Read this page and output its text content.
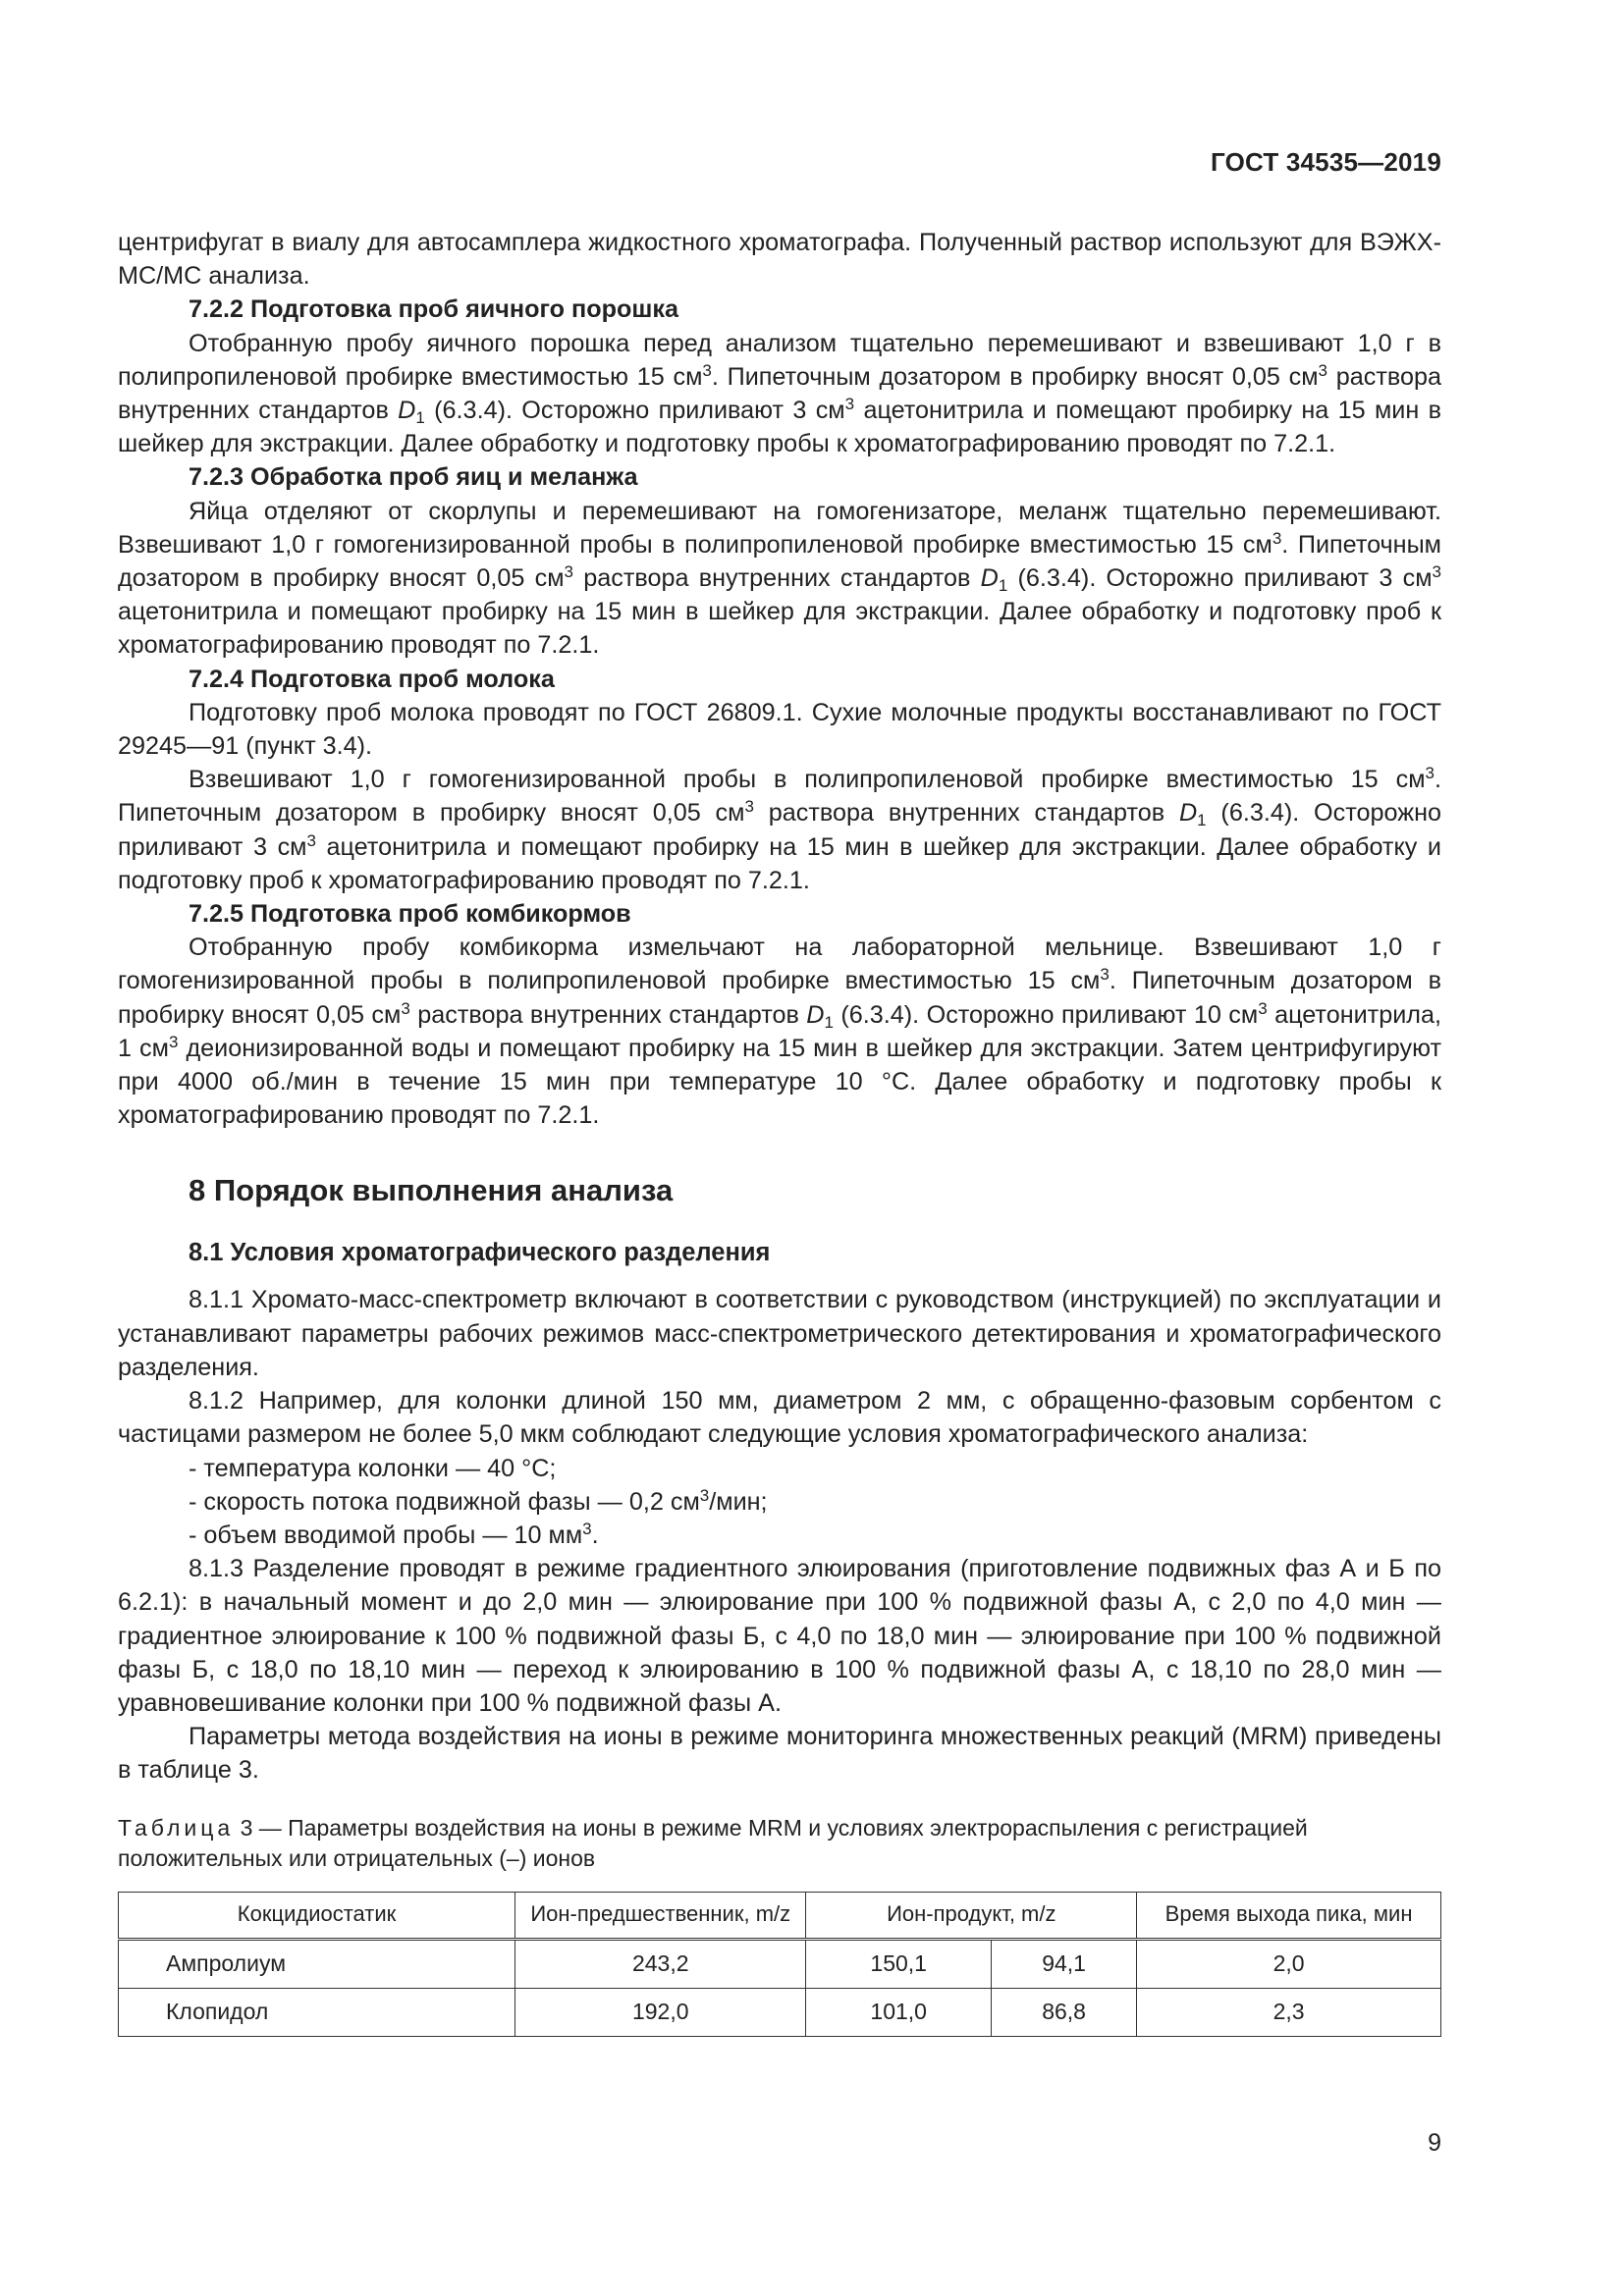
ГОСТ 34535—2019

центрифугат в виалу для автосамплера жидкостного хроматографа. Полученный раствор используют для ВЭЖХ-МС/МС анализа.

7.2.2 Подготовка проб яичного порошка

Отобранную пробу яичного порошка перед анализом тщательно перемешивают и взвешивают 1,0 г в полипропиленовой пробирке вместимостью 15 $см^3$. Пипеточным дозатором в пробирку вносят 0,05 $см^3$ раствора внутренних стандартов $D_1$ (6.3.4). Осторожно приливают 3 $см^3$ ацетонитрила и помещают пробирку на 15 мин в шейкер для экстракции. Далее обработку и подготовку пробы к хроматографированию проводят по 7.2.1.

7.2.3 Обработка проб яиц и меланжа

Яйца отделяют от скорлупы и перемешивают на гомогенизаторе, меланж тщательно перемешивают. Взвешивают 1,0 г гомогенизированной пробы в полипропиленовой пробирке вместимостью 15 $см^3$. Пипеточным дозатором в пробирку вносят 0,05 $см^3$ раствора внутренних стандартов $D_1$ (6.3.4). Осторожно приливают 3 $см^3$ ацетонитрила и помещают пробирку на 15 мин в шейкер для экстракции. Далее обработку и подготовку проб к хроматографированию проводят по 7.2.1.

7.2.4 Подготовка проб молока

Подготовку проб молока проводят по ГОСТ 26809.1. Сухие молочные продукты восстанавливают по ГОСТ 29245—91 (пункт 3.4).

Взвешивают 1,0 г гомогенизированной пробы в полипропиленовой пробирке вместимостью 15 $см^3$. Пипеточным дозатором в пробирку вносят 0,05 $см^3$ раствора внутренних стандартов $D_1$ (6.3.4). Осторожно приливают 3 $см^3$ ацетонитрила и помещают пробирку на 15 мин в шейкер для экстракции. Далее обработку и подготовку проб к хроматографированию проводят по 7.2.1.

7.2.5 Подготовка проб комбикормов

Отобранную пробу комбикорма измельчают на лабораторной мельнице. Взвешивают 1,0 г гомогенизированной пробы в полипропиленовой пробирке вместимостью 15 $см^3$. Пипеточным дозатором в пробирку вносят 0,05 $см^3$ раствора внутренних стандартов $D_1$ (6.3.4). Осторожно приливают 10 $см^3$ ацетонитрила, 1 $см^3$ деионизированной воды и помещают пробирку на 15 мин в шейкер для экстракции. Затем центрифугируют при 4000 об./мин в течение 15 мин при температуре 10 °С. Далее обработку и подготовку пробы к хроматографированию проводят по 7.2.1.

8 Порядок выполнения анализа
8.1 Условия хроматографического разделения

8.1.1 Хромато-масс-спектрометр включают в соответствии с руководством (инструкцией) по эксплуатации и устанавливают параметры рабочих режимов масс-спектрометрического детектирования и хроматографического разделения.

8.1.2 Например, для колонки длиной 150 мм, диаметром 2 мм, с обращенно-фазовым сорбентом с частицами размером не более 5,0 мкм соблюдают следующие условия хроматографического анализа:

- температура колонки — 40 °С;

- скорость потока подвижной фазы — 0,2 $см^3$/мин;

- объем вводимой пробы — 10 $мм^3$.

8.1.3 Разделение проводят в режиме градиентного элюирования (приготовление подвижных фаз А и Б по 6.2.1): в начальный момент и до 2,0 мин — элюирование при 100 % подвижной фазы А, с 2,0 по 4,0 мин — градиентное элюирование к 100 % подвижной фазы Б, с 4,0 по 18,0 мин — элюирование при 100 % подвижной фазы Б, с 18,0 по 18,10 мин — переход к элюированию в 100 % подвижной фазы А, с 18,10 по 28,0 мин — уравновешивание колонки при 100 % подвижной фазы А.

Параметры метода воздействия на ионы в режиме мониторинга множественных реакций (MRM) приведены в таблице 3.

Таблица 3 — Параметры воздействия на ионы в режиме MRM и условиях электрораспыления с регистрацией положительных или отрицательных (–) ионов
Кокцидиостатик	Ион-предшественник, m/z	Ион-продукт, m/z		Время выхода пика, мин
Ампролиум	243,2	150,1	94,1	2,0
Клопидол	192,0	101,0	86,8	2,3
9
